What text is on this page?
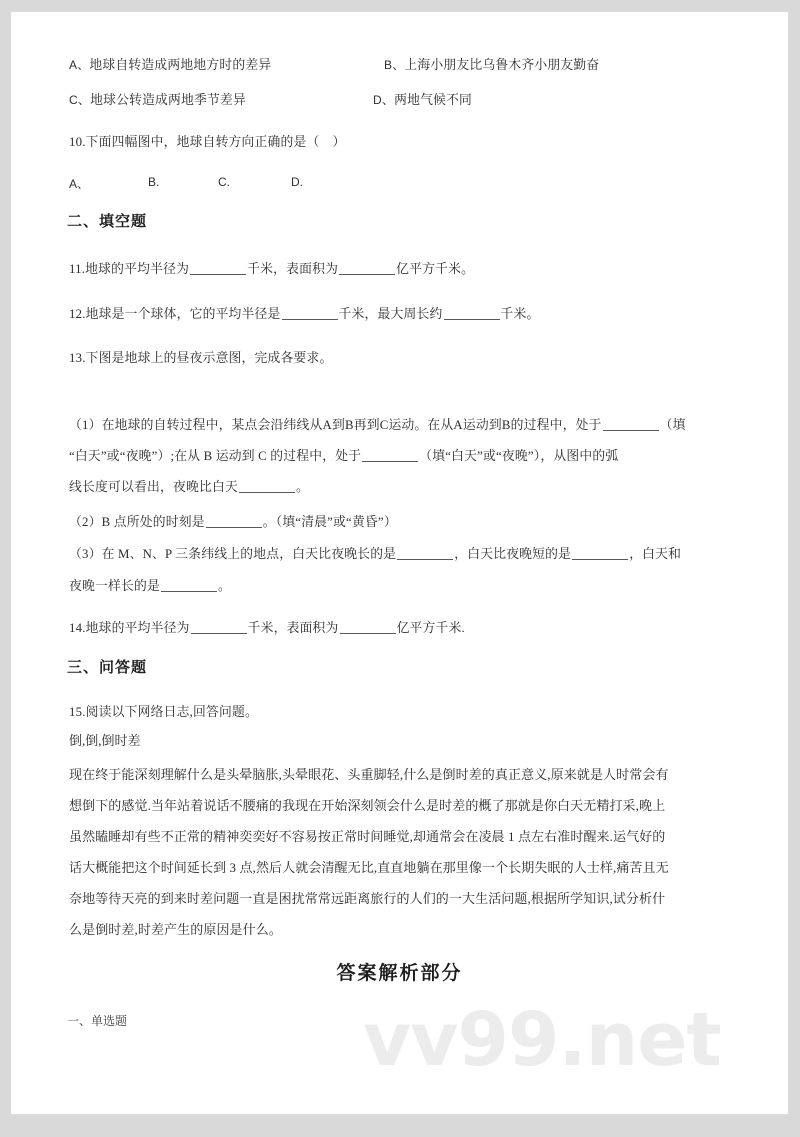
vv99.net
A、地球自转造成两地地方时的差异	B、上海小朋友比乌鲁木齐小朋友勤奋
C、地球公转造成两地季节差异	D、两地气候不同
10.下面四幅图中，地球自转方向正确的是（　）
A、	B.	C.	D.
二、填空题
11.地球的平均半径为	千米，表面积为	亿平方千米。
12.地球是一个球体，它的平均半径是	千米，最大周长约	千米。
13.下图是地球上的昼夜示意图，完成各要求。
（1）在地球的自转过程中，某点会沿纬线从A到B再到C运动。在从A运动到B的过程中，处于	（填
“白天”或“夜晚”）;在从 B 运动到 C 的过程中，处于	（填“白天”或“夜晚”），从图中的弧
线长度可以看出，夜晚比白天	。
（2）B 点所处的时刻是	。（填“清晨”或“黄昏”）
（3）在 M、N、P 三条纬线上的地点，白天比夜晚长的是	，白天比夜晚短的是	，白天和
夜晚一样长的是	。
14.地球的平均半径为	千米，表面积为	亿平方千米.
三、问答题
15.阅读以下网络日志,回答问题。
倒,倒,倒时差
现在终于能深刻理解什么是头晕脑胀,头晕眼花、头重脚轻,什么是倒时差的真正意义,原来就是人时常会有
想倒下的感觉.当年站着说话不腰痛的我现在开始深刻领会什么是时差的概了那就是你白天无精打采,晚上
虽然瞌睡却有些不正常的精神奕奕好不容易按正常时间睡觉,却通常会在凌晨 1 点左右准时醒来.运气好的
话大概能把这个时间延长到 3 点,然后人就会清醒无比,直直地躺在那里像一个长期失眠的人士样,痛苦且无
奈地等待天亮的到来时差问题一直是困扰常常远距离旅行的人们的一大生活问题,根据所学知识,试分析什
么是倒时差,时差产生的原因是什么。
答案解析部分
一、单选题
